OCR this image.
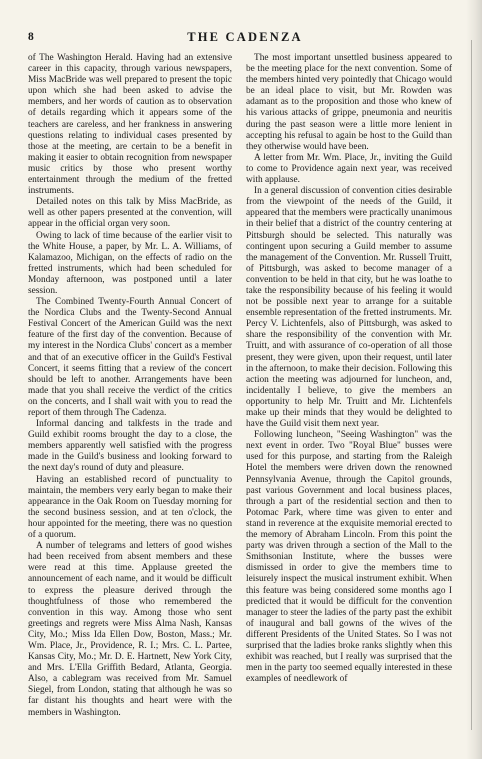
8	THE CADENZA

of The Washington Herald. Having had an extensive career in this capacity, through various newspapers, Miss MacBride was well prepared to present the topic upon which she had been asked to advise the members, and her words of caution as to observation of details regarding which it appears some of the teachers are careless, and her frankness in answering questions relating to individual cases presented by those at the meeting, are certain to be a benefit in making it easier to obtain recognition from newspaper music critics by those who present worthy entertainment through the medium of the fretted instruments.

Detailed notes on this talk by Miss MacBride, as well as other papers presented at the convention, will appear in the official organ very soon.

Owing to lack of time because of the earlier visit to the White House, a paper, by Mr. L. A. Williams, of Kalamazoo, Michigan, on the effects of radio on the fretted instruments, which had been scheduled for Monday afternoon, was postponed until a later session.

The Combined Twenty-Fourth Annual Concert of the Nordica Clubs and the Twenty-Second Annual Festival Concert of the American Guild was the next feature of the first day of the convention. Because of my interest in the Nordica Clubs' concert as a member and that of an executive officer in the Guild's Festival Concert, it seems fitting that a review of the concert should be left to another. Arrangements have been made that you shall receive the verdict of the critics on the concerts, and I shall wait with you to read the report of them through The Cadenza.

Informal dancing and talkfests in the trade and Guild exhibit rooms brought the day to a close, the members apparently well satisfied with the progress made in the Guild's business and looking forward to the next day's round of duty and pleasure.

Having an established record of punctuality to maintain, the members very early began to make their appearance in the Oak Room on Tuesday morning for the second business session, and at ten o'clock, the hour appointed for the meeting, there was no question of a quorum.

A number of telegrams and letters of good wishes had been received from absent members and these were read at this time. Applause greeted the announcement of each name, and it would be difficult to express the pleasure derived through the thoughtfulness of those who remembered the convention in this way. Among those who sent greetings and regrets were Miss Alma Nash, Kansas City, Mo.; Miss Ida Ellen Dow, Boston, Mass.; Mr. Wm. Place, Jr., Providence, R. I.; Mrs. C. L. Partee, Kansas City, Mo.; Mr. D. E. Hartnett, New York City, and Mrs. L'Ella Griffith Bedard, Atlanta, Georgia. Also, a cablegram was received from Mr. Samuel Siegel, from London, stating that although he was so far distant his thoughts and heart were with the members in Washington.

The most important unsettled business appeared to be the meeting place for the next convention. Some of the members hinted very pointedly that Chicago would be an ideal place to visit, but Mr. Rowden was adamant as to the proposition and those who knew of his various attacks of grippe, pneumonia and neuritis during the past season were a little more lenient in accepting his refusal to again be host to the Guild than they otherwise would have been.

A letter from Mr. Wm. Place, Jr., inviting the Guild to come to Providence again next year, was received with applause.

In a general discussion of convention cities desirable from the viewpoint of the needs of the Guild, it appeared that the members were practically unanimous in their belief that a district of the country centering at Pittsburgh should be selected. This naturally was contingent upon securing a Guild member to assume the management of the Convention. Mr. Russell Truitt, of Pittsburgh, was asked to become manager of a convention to be held in that city, but he was loathe to take the responsibility because of his feeling it would not be possible next year to arrange for a suitable ensemble representation of the fretted instruments. Mr. Percy V. Lichtenfels, also of Pittsburgh, was asked to share the responsibility of the convention with Mr. Truitt, and with assurance of co-operation of all those present, they were given, upon their request, until later in the afternoon, to make their decision. Following this action the meeting was adjourned for luncheon, and, incidentally I believe, to give the members an opportunity to help Mr. Truitt and Mr. Lichtenfels make up their minds that they would be delighted to have the Guild visit them next year.

Following luncheon, "Seeing Washington" was the next event in order. Two "Royal Blue" busses were used for this purpose, and starting from the Raleigh Hotel the members were driven down the renowned Pennsylvania Avenue, through the Capitol grounds, past various Government and local business places, through a part of the residential section and then to Potomac Park, where time was given to enter and stand in reverence at the exquisite memorial erected to the memory of Abraham Lincoln. From this point the party was driven through a section of the Mall to the Smithsonian Institute, where the busses were dismissed in order to give the members time to leisurely inspect the musical instrument exhibit. When this feature was being considered some months ago I predicted that it would be difficult for the convention manager to steer the ladies of the party past the exhibit of inaugural and ball gowns of the wives of the different Presidents of the United States. So I was not surprised that the ladies broke ranks slightly when this exhibit was reached, but I really was surprised that the men in the party too seemed equally interested in these examples of needlework of
